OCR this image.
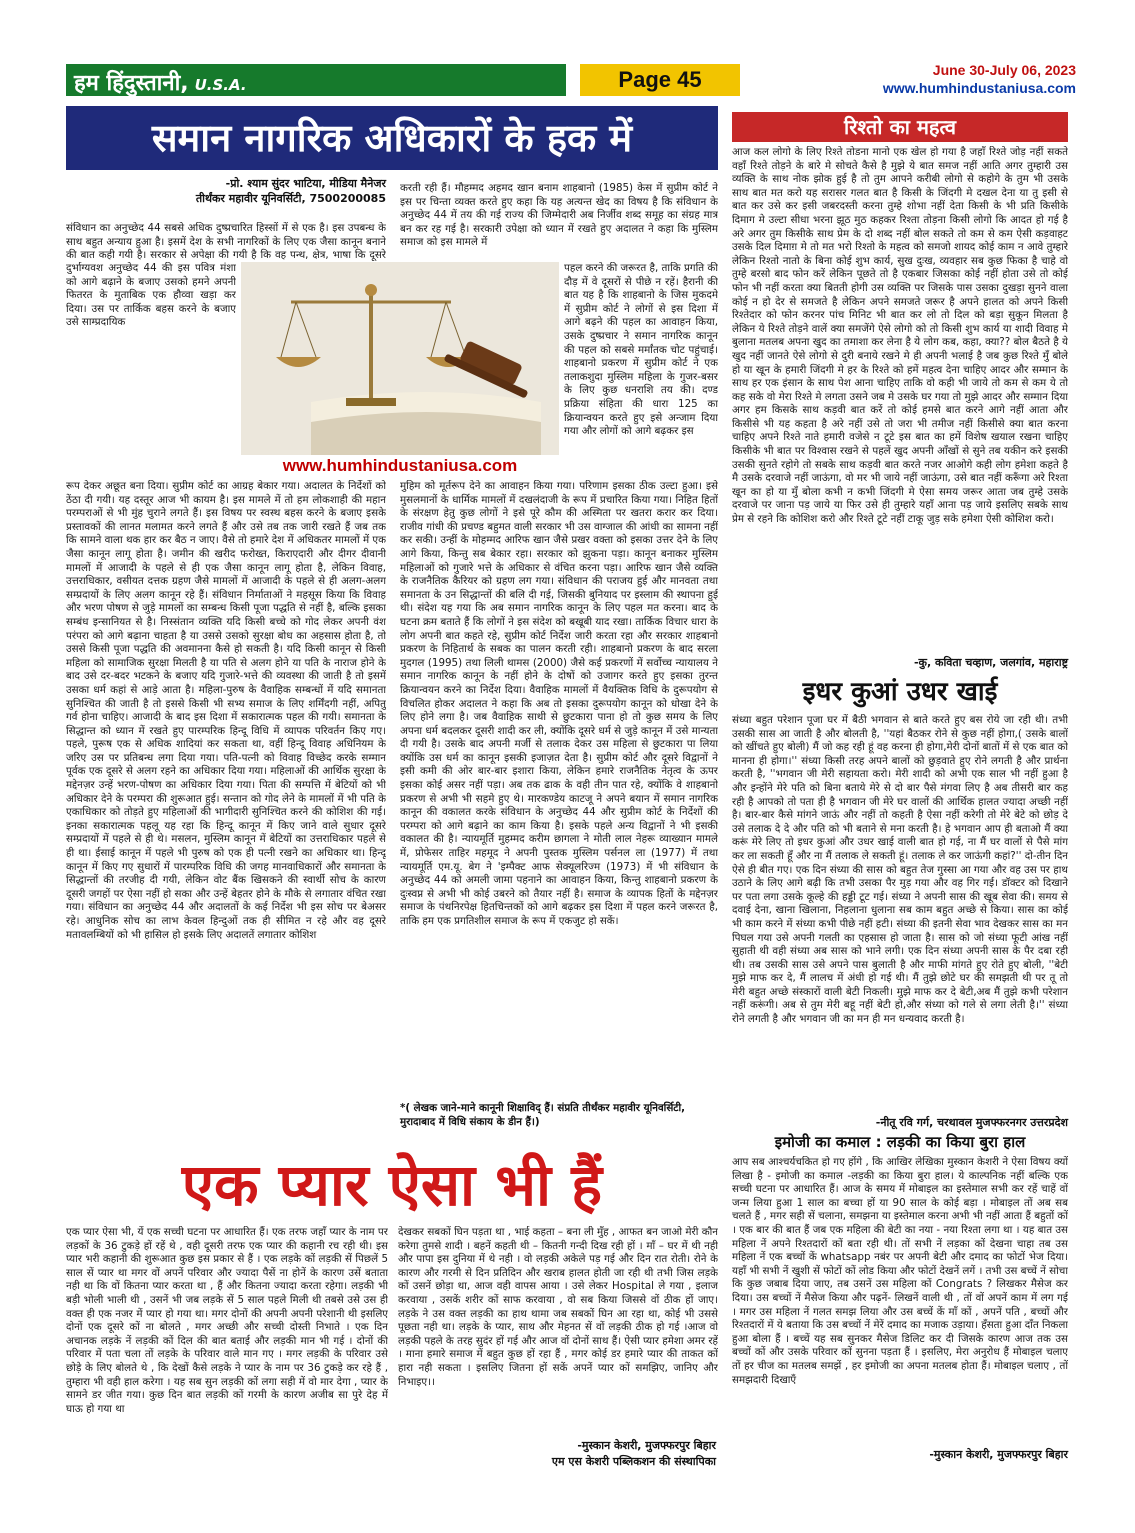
हम हिंदुस्तानी, U.S.A.	Page 45	June 30-July 06, 2023
www.humhindustaniusa.com
समान नागरिक अधिकारों के हक में
-प्रो. श्याम सुंदर भाटिया, मीडिया मैनेजर
तीर्थंकर महावीर यूनिवर्सिटी, 7500200085

संविधान का अनुच्छेद 44 सबसे अधिक दुष्प्रचारित हिस्सों में से एक है। इस उपबन्ध के साथ बहुत अन्याय हुआ है। इसमें देश के सभी नागरिकों के लिए एक जैसा कानून बनाने की बात कही गयी है। सरकार से अपेक्षा की गयी है कि वह पन्थ, क्षेत्र, भाषा कि दूसरे

दुर्भाग्यवश अनुच्छेद 44 की इस पवित्र मंशा को आगे बढ़ाने के बजाए उसको हमने अपनी फितरत के मुताबिक एक हौव्वा खड़ा कर दिया। उस पर तार्किक बहस करने के बजाए उसे साम्प्रदायिक

www.humhindustaniusa.com

रूप देकर अछूत बना दिया। सुप्रीम कोर्ट का आग्रह बेकार गया। अदालत के निर्देशों को ठेंठा दी गयी। यह दस्तूर आज भी कायम है। इस मामले में तो हम लोकशाही की महान परम्पराओं से भी मुंह चुराने लगते हैं। इस विषय पर स्वस्थ बहस करने के बजाए इसके प्रस्तावकों की लानत मलामत करने लगते हैं और उसे तब तक जारी रखते हैं जब तक कि सामने वाला थक हार कर बैठ न जाए। वैसे तो हमारे देश में अधिकतर मामलों में एक जैसा कानून लागू होता है। जमीन की खरीद फरोख्त, किराएदारी और दीगर दीवानी मामलों में आजादी के पहले से ही एक जैसा कानून लागू होता है, लेकिन विवाह, उत्तराधिकार, वसीयत दत्तक ग्रहण जैसे मामलों में आजादी के पहले से ही अलग-अलग सम्प्रदायों के लिए अलग कानून रहे हैं। संविधान निर्माताओं ने महसूस किया कि विवाह और भरण पोषण से जुड़े मामलों का सम्बन्ध किसी पूजा पद्धति से नहीं है, बल्कि इसका सम्बंध इन्सानियत से है। निस्संतान व्यक्ति यदि किसी बच्चे को गोद लेकर अपनी वंश परंपरा को आगे बढ़ाना चाहता है या उससे उसको सुरक्षा बोध का अहसास होता है, तो उससे किसी पूजा पद्धति की अवमानना कैसे हो सकती है। यदि किसी कानून से किसी महिला को सामाजिक सुरक्षा मिलती है या पति से अलग होने या पति के नाराज होने के बाद उसे दर-बदर भटकने के बजाए यदि गुजारे-भत्ते की व्यवस्था की जाती है तो इसमें उसका धर्म कहां से आड़े आता है। महिला-पुरुष के वैवाहिक सम्बन्धों में यदि समानता सुनिश्चित की जाती है तो इससे किसी भी सभ्य समाज के लिए शर्मिंदगी नहीं, अपितु गर्व होना चाहिए। आजादी के बाद इस दिशा में सकारात्मक पहल की गयी। समानता के सिद्धान्त को ध्यान में रखते हुए पारम्परिक हिन्दू विधि में व्यापक परिवर्तन किए गए। पहले, पुरूष एक से अधिक शादियां कर सकता था, वहीं हिन्दू विवाह अधिनियम के जरिए उस पर प्रतिबन्ध लगा दिया गया। पति-पत्नी को विवाह विच्छेद करके सम्मान पूर्वक एक दूसरे से अलग रहने का अधिकार दिया गया। महिलाओं की आर्थिक सुरक्षा के मद्देनज़र उन्हें भरण-पोषण का अधिकार दिया गया। पिता की सम्पत्ति में बेटियों को भी अधिकार देने के परम्परा की शुरूआत हुई। सन्तान को गोद लेने के मामलों में भी पति के एकाधिकार को तोड़ते हुए महिलाओं की भागीदारी सुनिश्चित करने की कोशिश की गई। इनका सकारात्मक पहलू यह रहा कि हिन्दू कानून में किए जाने वाले सुधार दूसरे सम्प्रदायों में पहले से ही थे। मसलन, मुस्लिम कानून में बेटियों का उत्तराधिकार पहले से ही था। ईसाई कानून में पहले भी पुरुष को एक ही पत्नी रखने का अधिकार था। हिन्दू कानून में किए गए सुधारों में पारम्परिक विधि की जगह मानवाधिकारों और समानता के सिद्धान्तों की तरजीह दी गयी, लेकिन वोट बैंक खिसकने की स्वार्थी सोच के कारण दूसरी जगहों पर ऐसा नहीं हो सका और उन्हें बेहतर होने के मौके से लगातार वंचित रखा गया। संविधान का अनुच्छेद 44 और अदालतों के कई निर्देश भी इस सोच पर बेअसर रहे। आधुनिक सोच का लाभ केवल हिन्दुओं तक ही सीमित न रहे और वह दूसरे मतावलम्बियों को भी हासिल हो इसके लिए अदालतें लगातार कोशिश

करती रही हैं। मौहम्मद अहमद खान बनाम शाहबानो (1985) केस में सुप्रीम कोर्ट ने इस पर चिन्ता व्यक्त करते हुए कहा कि यह अत्यन्त खेद का विषय है कि संविधान के अनुच्छेद 44 में तय की गई राज्य की जिम्मेदारी अब निर्जीव शब्द समूह का संग्रह मात्र बन कर रह गई है। सरकारी उपेक्षा को ध्यान में रखते हुए अदालत ने कहा कि मुस्लिम समाज को इस मामले में

पहल करने की जरूरत है, ताकि प्रगति की दौड़ में वे दूसरों से पीछे न रहें। हैरानी की बात यह है कि शाहबानो के जिस मुकदमे में सुप्रीम कोर्ट ने लोगों से इस दिशा में आगे बढ़ने की पहल का आवाहन किया, उसके दुष्प्रचार ने समान नागरिक कानून की पहल को सबसे मर्मांतक चोट पहुंचाई। शाहबानो प्रकरण में सुप्रीम कोर्ट ने एक तलाकशुदा मुस्लिम महिला के गुजर-बसर के लिए कुछ धनराशि तय की। दण्ड प्रक्रिया संहिता की धारा 125 का क्रियान्वयन करते हुए इसे अन्जाम दिया गया और लोगों को आगे बढ़कर इस

मुहिम को मूर्तरूप देने का आवाहन किया गया। परिणाम इसका ठीक उल्टा हुआ। इसे मुसलमानों के धार्मिक मामलों में दखलंदाजी के रूप में प्रचारित किया गया। निहित हितों के संरक्षण हेतु कुछ लोगों ने इसे पूरे कौम की अस्मिता पर खतरा करार कर दिया। राजीव गांधी की प्रचण्ड बहुमत वाली सरकार भी उस वाग्जाल की आंधी का सामना नहीं कर सकी। उन्हीं के मोहम्मद आरिफ खान जैसे प्रखर वक्ता को इसका उत्तर देने के लिए आगे किया, किन्तु सब बेकार रहा। सरकार को झुकना पड़ा। कानून बनाकर मुस्लिम महिलाओं को गुजारे भत्ते के अधिकार से वंचित करना पड़ा। आरिफ खान जैसे व्यक्ति के राजनैतिक कैरियर को ग्रहण लग गया। संविधान की पराजय हुई और मानवता तथा समानता के उन सिद्धान्तों की बलि दी गई, जिसकी बुनियाद पर इस्लाम की स्थापना हुई थी। संदेश यह गया कि अब समान नागरिक कानून के लिए पहल मत करना। बाद के घटना क्रम बताते हैं कि लोगों ने इस संदेश को बखूबी याद रखा। तार्किक विचार धारा के लोग अपनी बात कहते रहे, सुप्रीम कोर्ट निर्देश जारी करता रहा और सरकार शाहबानो प्रकरण के निहितार्थ के सबक का पालन करती रही। शाहबानो प्रकरण के बाद सरला मुदगल (1995) तथा लिली थामस (2000) जैसे कई प्रकरणों में सर्वोच्च न्यायालय ने समान नागरिक कानून के नहीं होने के दोषों को उजागर करते हुए इसका तुरन्त क्रियान्वयन करने का निर्देश दिया। वैवाहिक मामलों में वैयक्तिक विधि के दुरूपयोग से विचलित होकर अदालत ने कहा कि अब तो इसका दुरूपयोग कानून को धोखा देने के लिए होने लगा है। जब वैवाहिक साथी से छुटकारा पाना हो तो कुछ समय के लिए अपना धर्म बदलकर दूसरी शादी कर ली, क्योंकि दूसरे धर्म से जुड़े कानून में उसे मान्यता दी गयी है। उसके बाद अपनी मर्जी से तलाक देकर उस महिला से छुटकारा पा लिया क्योंकि उस धर्म का कानून इसकी इजाज़त देता है। सुप्रीम कोर्ट और दूसरे विद्वानों ने इसी कमी की ओर बार-बार इशारा किया, लेकिन हमारे राजनैतिक नेतृत्व के ऊपर इसका कोई असर नहीं पड़ा। अब तक ढाक के वही तीन पात रहे, क्योंकि वे शाहबानो प्रकरण से अभी भी सहमे हुए थे। मारकण्डेय काटजू ने अपने बयान में समान नागरिक कानून की वकालत करके संविधान के अनुच्छेद 44 और सुप्रीम कोर्ट के निर्देशों की परम्परा को आगे बढ़ाने का काम किया है। इसके पहले अन्य विद्वानों ने भी इसकी वकालत की है। न्यायमूर्ति मुहम्मद करीम छागला ने मोती लाल नेहरू व्याख्यान मामले में, प्रोफेसर ताहिर महमूद ने अपनी पुस्तक मुस्लिम पर्सनल ला (1977) में तथा न्यायमूर्ति एम.यू. बेग ने 'इम्पैक्ट आफ सेक्यूलरिज्म (1973) में भी संविधान के अनुच्छेद 44 को अमली जामा पहनाने का आवाहन किया, किन्तु शाहबानो प्रकरण के दुःस्वप्न से अभी भी कोई उबरने को तैयार नहीं है। समाज के व्यापक हितों के मद्देनज़र समाज के पंथनिरपेक्ष हितचिन्तकों को आगे बढ़कर इस दिशा में पहल करने जरूरत है, ताकि हम एक प्रगतिशील समाज के रूप में एकजुट हो सकें।

*( लेखक जाने-माने कानूनी शिक्षाविद् हैं। संप्रति तीर्थंकर महावीर यूनिवर्सिटी, मुरादाबाद में विधि संकाय के डीन हैं।)
रिश्तो का महत्व

आज कल लोगो के लिए रिश्ते तोडना मानो एक खेल हो गया है जहाँ रिश्ते जोड़ नहीं सकते वहाँ रिश्ते तोड़ने के बारे मे सोचते कैसे है मुझे ये बात समज नहीं आति अगर तुम्हारी उस व्यक्ति के साथ नोक झोक हुई है तो तुम आपने करीबी लोगो से कहोगे के तुम भी उसके साथ बात मत करो यह सरासर गलत बात है किसी के जिंदगी मे दखल देना या तु इसी से बात कर उसे कर इसी जबरदस्ती करना तुम्हे शोभा नहीं देता किसी के भी प्रति किसीके दिमाग मे उल्टा सीधा भरना झूठ मुठ कहकर रिश्ता तोड़ना किसी लोगो कि आदत हो गई है अरे अगर तुम किसीके साथ प्रेम के दो शब्द नहीं बोल सकते तो कम से कम ऐसी कड़वाहट उसके दिल दिमाग़ मे तो मत भरो रिश्तो के महत्व को समजो शायद कोई काम न आवे तुम्हारे लेकिन रिश्तो नातो के बिना कोई शुभ कार्य, सुख दुःख, व्यवहार सब कुछ फिका है चाहे वो तुम्हे बरसो बाद फोन करें लेकिन पूछते तो है एकबार जिसका कोई नहीं होता उसे तो कोई फोन भी नहीं करता क्या बितती होगी उस व्यक्ति पर जिसके पास उसका दुखड़ा सुनने वाला कोई न हो देर से समजते है लेकिन अपने समजते जरूर है अपने हालत को अपने किसी रिश्तेदार को फोन करनर पांच मिनिट भी बात कर लो तो दिल को बड़ा सुकून मिलता है लेकिन ये रिश्ते तोड़ने वालें क्या समजेंगे ऐसे लोगो को तो किसी शुभ कार्य या शादी विवाह मे बुलाना मतलब अपना खुद का तमाशा कर लेना है ये लोग कब, कहा, क्या?? बोल बैठते है ये खुद नहीं जानते ऐसे लोगो से दुरी बनाये रखने मे ही अपनी भलाई है जब कुछ रिश्ते मुँ बोले हो या खून के हमारी जिंदगी मे हर के रिश्ते को हमें महत्व देना चाहिए आदर और सम्मान के साथ हर एक इंसान के साथ पेश आना चाहिए ताकि वो कही भी जाये तो कम से कम ये तो कह सके वो मेरा रिश्ते मे लगता उसने जब मे उसके घर गया तो मुझे आदर और सम्मान दिया अगर हम किसके साथ कड़वी बात करें तो कोई हमसे बात करने आगे नहीं आता और किसीसे भी यह कहता है अरे नहीं उसे तो जरा भी तमीज नहीं किसीसे क्या बात करना चाहिए अपने रिश्ते नाते हमारी वजेसे न टूटे इस बात का हमें विशेष खयाल रखना चाहिए किसीके भी बात पर विश्वास रखने से पहलें खुद अपनी आँखों से सुने तब यकीन करे इसकी उसकी सुनते रहोगे तो सबके साथ कड़वी बात करते नजर आओगे कही लोग हमेशा कहते है मै उसके दरवाजे नहीं जाऊंगा, वो मर भी जाये नहीं जाऊंगा, उसे बात नहीं करूँगा अरे रिश्ता खून का हो या मुँ बोला कभी न कभी जिंदगी मे ऐसा समय जरूर आता जब तुम्हे उसके दरवाजे पर जाना पड़ जाये या फिर उसे ही तुम्हारे यहाँ आना पड़ जाये इसलिए सबके साथ प्रेम से रहने कि कोशिश करो और रिश्ते टूटे नहीं टाकू जुड़ सके हमेशा ऐसी कोशिश करो।

-कु, कविता चव्हाण, जलगांव, महाराष्ट्र
इधर कुआं उधर खाई

संध्या बहुत परेशान पूजा घर में बैठी भगवान से बाते करते हुए बस रोये जा रही थी। तभी उसकी सास आ जाती है और बोलती है, ''यहां बैठकर रोने से कुछ नहीं होगा,( उसके बालों को खींचते हुए बोली) मैं जो कह रही हूं वह करना ही होगा,मेरी दोनों बातों में से एक बात को मानना ही होगा।'' संध्या किसी तरह अपने बालों को छुड़वाते हुए रोने लगती है और प्रार्थना करती है, ''भगवान जी मेरी सहायता करो। मेरी शादी को अभी एक साल भी नहीं हुआ है और इन्होंने मेरे पति को बिना बताये मेरे से दो बार पैसे मंगवा लिए है अब तीसरी बार कह रही है आपको तो पता ही है भगवान जी मेरे घर वालों की आर्थिक हालत ज्यादा अच्छी नहीं है। बार-बार कैसे मांगने जाऊं और नहीं तो कहती है ऐसा नहीं करेगी तो मेरे बेटे को छोड़ दे उसे तलाक दे दे और पति को भी बताने से मना करती है। हे भगवान आप ही बताओ मैं क्या करूं मेरे लिए तो इधर कुआं और उधर खाई वाली बात हो गई, ना मैं घर वालों से पैसे मांग कर ला सकती हूँ और ना मैं तलाक ले सकती हूं। तलाक ले कर जाऊंगी कहां?'' दो-तीन दिन ऐसे ही बीत गए। एक दिन संध्या की सास को बहुत तेज गुस्सा आ गया और वह उस पर हाथ उठाने के लिए आगे बढ़ी कि तभी उसका पैर मुड़ गया और वह गिर गई। डॉक्टर को दिखाने पर पता लगा उसके कूल्हे की हड्डी टूट गई। संध्या ने अपनी सास की खूब सेवा की। समय से दवाई देना, खाना खिलाना, निहलाना धुलाना सब काम बहुत अच्छे से किया। सास का कोई भी काम करने में संध्या कभी पीछे नहीं हटी। संध्या की इतनी सेवा भाव देखकर सास का मन पिघल गया उसे अपनी गलती का एहसास हो जाता है। सास को जो संध्या फूटी आंख नहीं सुहाती थी वही संध्या अब सास को भाने लगी। एक दिन संध्या अपनी सास के पैर दबा रही थी। तब उसकी सास उसे अपने पास बुलाती है और माफी मांगते हुए रोते हुए बोली, ''बेटी मुझे माफ कर दे, मैं लालच में अंधी हो गई थी। मैं तुझे छोटे घर की समझती थी पर तू तो मेरी बहुत अच्छे संस्कारों वाली बेटी निकली। मुझे माफ कर दे बेटी,अब मैं तुझे कभी परेशान नहीं करूंगी। अब से तुम मेरी बहू नहीं बेटी हो,और संध्या को गले से लगा लेती है।'' संध्या रोने लगती है और भगवान जी का मन ही मन धन्यवाद करती है।

-नीतू रवि गर्ग, चरथावल मुजफ्फरनगर उत्तरप्रदेश
इमोजी का कमाल : लड़की का किया बुरा हाल

आप सब आश्चर्यचकित हो गए होंगे , कि आखिर लेखिका मुस्कान केशरी ने ऐसा विषय क्यों लिखा है - इमोजी का कमाल -लड़की का किया बुरा हाल। ये काल्पनिक नहीं बल्कि एक सच्ची घटना पर आधारित हैं। आज के समय में मोबाइल का इस्तेमाल सभी कर रहें चाहें वों जन्म लिया हुआ 1 साल का बच्चा हों या 90 साल के कोई बड़ा । मोबाइल तों अब सब चलते हैं , मगर सही सें चलाना, समझना या इस्तेमाल करना अभी भी नहीं आता हैं बहुतों कों । एक बार की बात हैं जब एक महिला की बेटी का नया - नया रिश्ता लगा था । यह बात उस महिला नें अपने रिश्तदारों कों बता रही थी। तों सभी नें लड़का कों देखना चाहा तब उस महिला नें एक बच्चों कें whatsapp नबंर पर अपनी बेटी और दमाद का फोटों भेज दिया। यहाँ भी सभी नें खुशी सें फोटों कों लोड किया और फोटों देखनें लगें । तभी उस बच्चें नें सोचा कि कुछ जबाब दिया जाए, तब उसनें उस महिला कों Congrats ? लिखकर मैसेज कर दिया। उस बच्चों नें मैसेज किया और पढ़नें- लिखनें वाली थी , तों वों अपनें काम में लग गई । मगर उस महिला नें गलत समझ लिया और उस बच्चें कें मॉं कों , अपनें पति , बच्चों और रिश्तदारों में ये बताया कि उस बच्चों नें मेरें दमाद का मजाक उड़ाया। हँसता हुआ दाँत निकला हुआ बोला हैं । बच्चें यह सब सुनकर मैसेज डिलिट कर दी जिसके कारण आज तक उस बच्चों कों और उसके परिवार कों सुनना पड़ता हैं । इसलिए, मेरा अनुरोध हैं मोबाइल चलाए तों हर चीज का मतलब समझें , हर इमोजी का अपना मतलब होता हैं। मोबाइल चलाए , तों समझदारी दिखाएँ

-मुस्कान केशरी, मुजफ्फरपुर बिहार
एक प्यार ऐसा भी हैं

एक प्यार ऐसा भी, यें एक सच्ची घटना पर आधारित हैं। एक तरफ जहाँ प्यार के नाम पर लड़कों के 36 टुकड़े हों रहें थे , वही दूसरी तरफ एक प्यार की कहानी रच रही थी। इस प्यार भरी कहानी की शुरूआत कुछ इस प्रकार से हैं । एक लड़के कों लड़की सें पिछलें 5 साल सें प्यार था मगर वों अपनें परिवार और ज्यादा पैसें ना होनें के कारण उसें बताता नही था कि वों कितना प्यार करता था , हैं और कितना ज्यादा करता रहेगा। लड़की भी बड़ी भोली भाली थी , उसनें भी जब लड़के सें 5 साल पहले मिली थी तबसे उसे उस ही वक्त ही एक नजर में प्यार हो गया था। मगर दोनों की अपनी अपनी परेशानी थी इसलिए दोनों एक दूसरे कों ना बोलते , मगर अच्छी और सच्ची दोस्ती निभाते । एक दिन अचानक लड़के नें लड़की कों दिल की बात बताई और लड़की मान भी गई । दोनों की परिवार में पता चला तों लड़के के परिवार वाले मान गए । मगर लड़की के परिवार उसे छोड़े के लिए बोलते थे , कि देखों कैसे लड़के ने प्यार के नाम पर 36 टुकड़े कर रहे हैं , तुम्हारा भी वही हाल करेगा । यह सब सुन लड़की कों लगा सही में वो मार देगा , प्यार के सामने डर जीत गया। कुछ दिन बात लड़की कों गरमी के कारण अजीब सा पुरे देह में घाऊ हो गया था

देखकर सबकों घिन पड़ता था , भाई कहता – बना ली मुँह , आफत बन जाओ मेरी कौन करेगा तुमसे शादी । बहनें कहती थी – कितनी गन्दी दिख रही हों । माँ – घर में थी नही और पापा इस दुनिया में थे नही । वो लड़की अकेले पड़ गई और दिन रात रोती। रोने के कारण और गरमी से दिन प्रतिदिन और खराब हालत होती जा रही थी तभी जिस लड़के कों उसनें छोड़ा था, आज वही वापस आया । उसे लेकर Hospital ले गया , इलाज करवाया , उसकें शरीर कों साफ करवाया , वो सब किया जिससे वों ठीक हों जाए। लड़के ने उस वक्त लड़की का हाथ थामा जब सबकों घिन आ रहा था, कोई भी उससे पूछता नही था। लड़के के प्यार, साथ और मेहनत सें वों लड़की ठीक हो गई ।आज वो लड़की पहले के तरह सुदंर हों गई और आज वों दोनों साथ हैं। ऐसी प्यार हमेशा अमर रहें । माना हमारे समाज में बहुत कुछ हों रहा हैं , मगर कोई डर हमारे प्यार की ताकत कों हारा नही सकता । इसलिए जितना हों सकें अपनें प्यार कों समझिए, जानिए और निभाइए।।

-मुस्कान केशरी, मुजफ्फरपुर बिहार
एम एस केशरी पब्लिकशन की संस्थापिका
